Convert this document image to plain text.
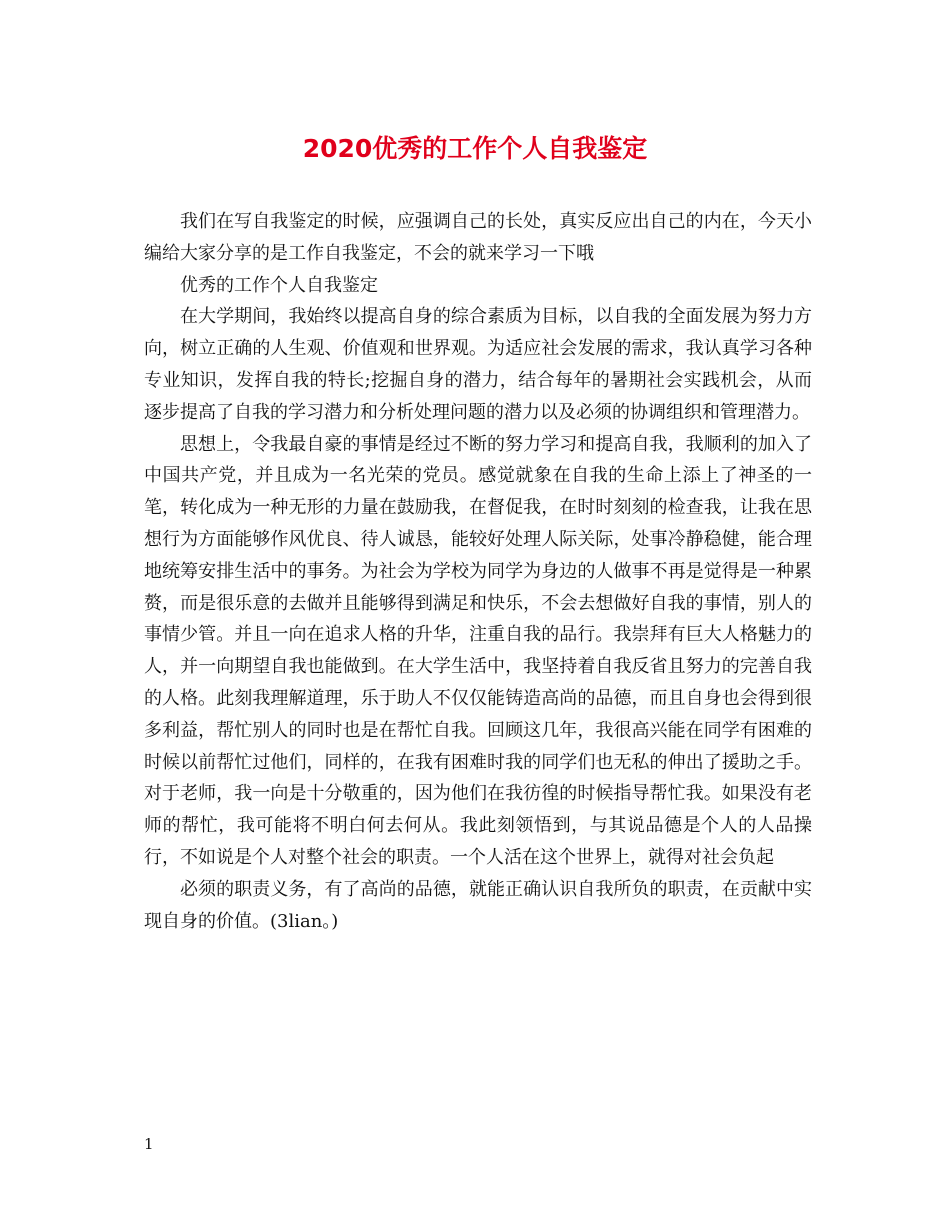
2020优秀的工作个人自我鉴定

我们在写自我鉴定的时候，应强调自己的长处，真实反应出自己的内在，今天小编给大家分享的是工作自我鉴定，不会的就来学习一下哦

优秀的工作个人自我鉴定

在大学期间，我始终以提高自身的综合素质为目标，以自我的全面发展为努力方向，树立正确的人生观、价值观和世界观。为适应社会发展的需求，我认真学习各种专业知识，发挥自我的特长;挖掘自身的潜力，结合每年的暑期社会实践机会，从而逐步提高了自我的学习潜力和分析处理问题的潜力以及必须的协调组织和管理潜力。

思想上，令我最自豪的事情是经过不断的努力学习和提高自我，我顺利的加入了中国共产党，并且成为一名光荣的党员。感觉就象在自我的生命上添上了神圣的一笔，转化成为一种无形的力量在鼓励我，在督促我，在时时刻刻的检查我，让我在思想行为方面能够作风优良、待人诚恳，能较好处理人际关际，处事冷静稳健，能合理地统筹安排生活中的事务。为社会为学校为同学为身边的人做事不再是觉得是一种累赘，而是很乐意的去做并且能够得到满足和快乐，不会去想做好自我的事情，别人的事情少管。并且一向在追求人格的升华，注重自我的品行。我崇拜有巨大人格魅力的人，并一向期望自我也能做到。在大学生活中，我坚持着自我反省且努力的完善自我的人格。此刻我理解道理，乐于助人不仅仅能铸造高尚的品德，而且自身也会得到很多利益，帮忙别人的同时也是在帮忙自我。回顾这几年，我很高兴能在同学有困难的时候以前帮忙过他们，同样的，在我有困难时我的同学们也无私的伸出了援助之手。对于老师，我一向是十分敬重的，因为他们在我彷徨的时候指导帮忙我。如果没有老师的帮忙，我可能将不明白何去何从。我此刻领悟到，与其说品德是个人的人品操行，不如说是个人对整个社会的职责。一个人活在这个世界上，就得对社会负起

必须的职责义务，有了高尚的品德，就能正确认识自我所负的职责，在贡献中实现自身的价值。(3lian。)

1
